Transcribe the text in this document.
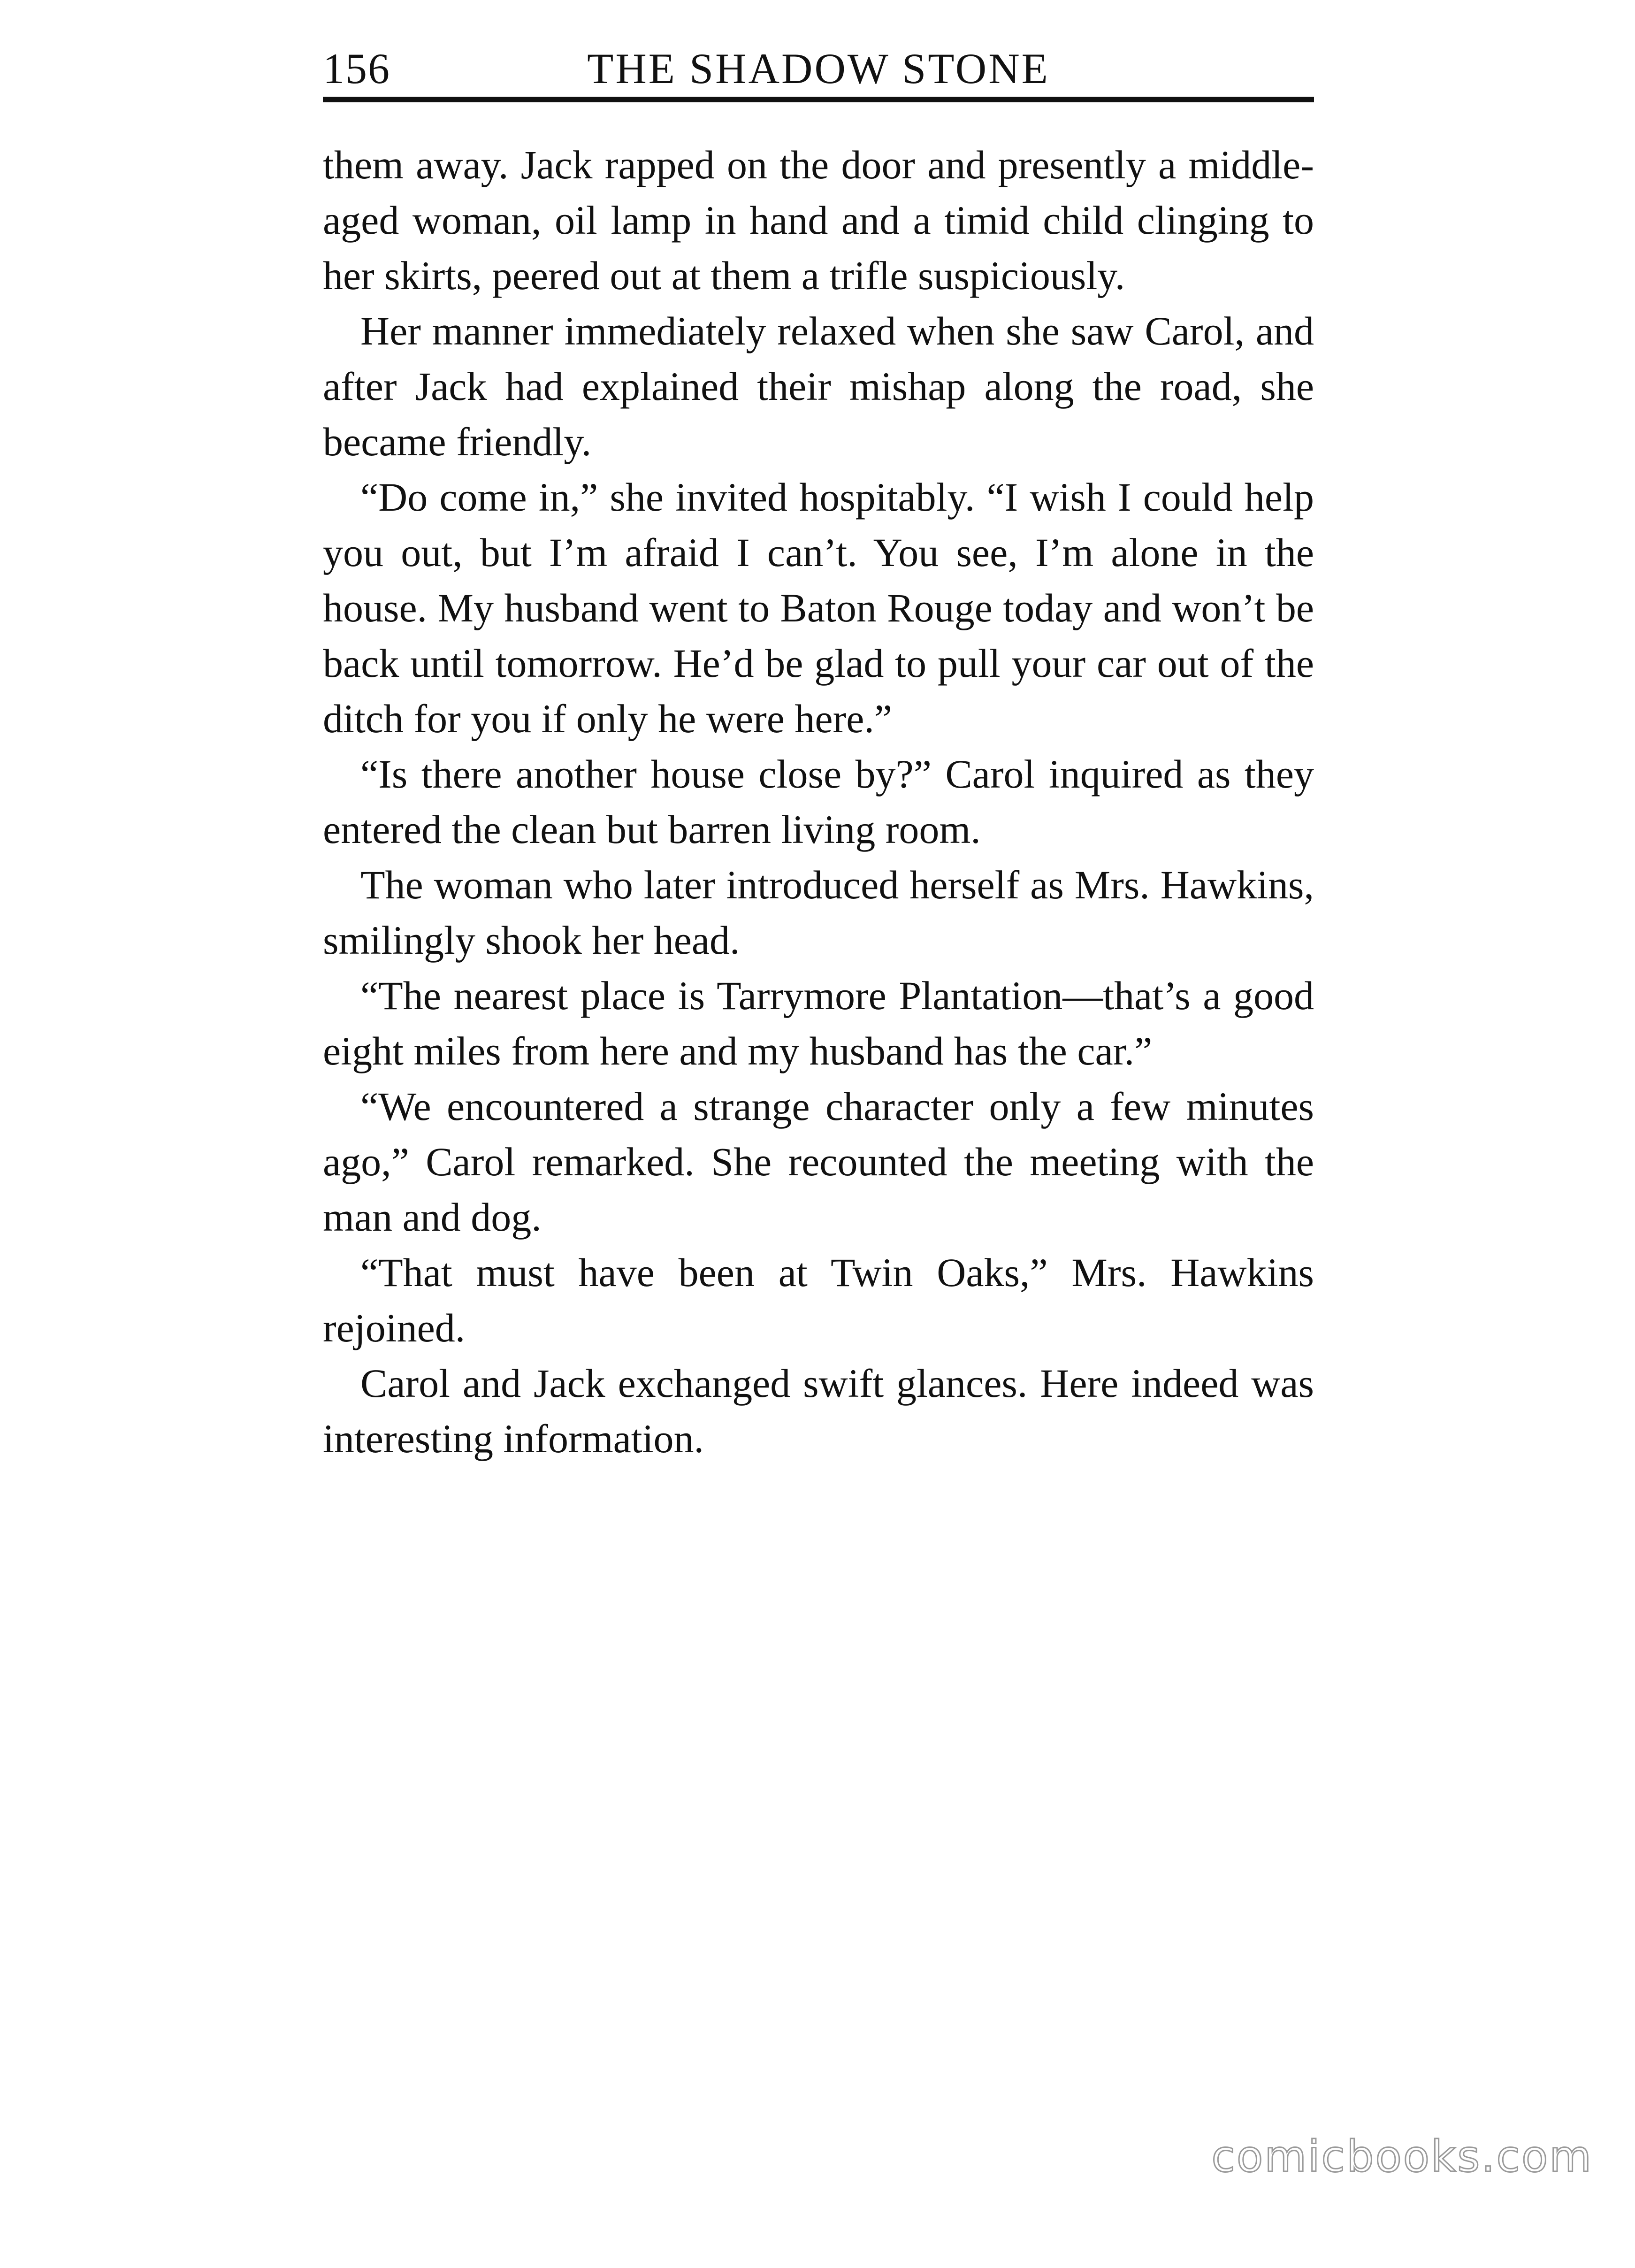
156	THE SHADOW STONE

them away. Jack rapped on the door and presently a middle-aged woman, oil lamp in hand and a timid child clinging to her skirts, peered out at them a trifle suspiciously.

Her manner immediately relaxed when she saw Carol, and after Jack had explained their mishap along the road, she became friendly.

“Do come in,” she invited hospitably. “I wish I could help you out, but I’m afraid I can’t. You see, I’m alone in the house. My husband went to Baton Rouge today and won’t be back until tomorrow. He’d be glad to pull your car out of the ditch for you if only he were here.”

“Is there another house close by?” Carol inquired as they entered the clean but barren living room.

The woman who later introduced herself as Mrs. Hawkins, smilingly shook her head.

“The nearest place is Tarrymore Plantation—that’s a good eight miles from here and my husband has the car.”

“We encountered a strange character only a few minutes ago,” Carol remarked. She recounted the meeting with the man and dog.

“That must have been at Twin Oaks,” Mrs. Hawkins rejoined.

Carol and Jack exchanged swift glances. Here indeed was interesting information.

comicbooks.com
